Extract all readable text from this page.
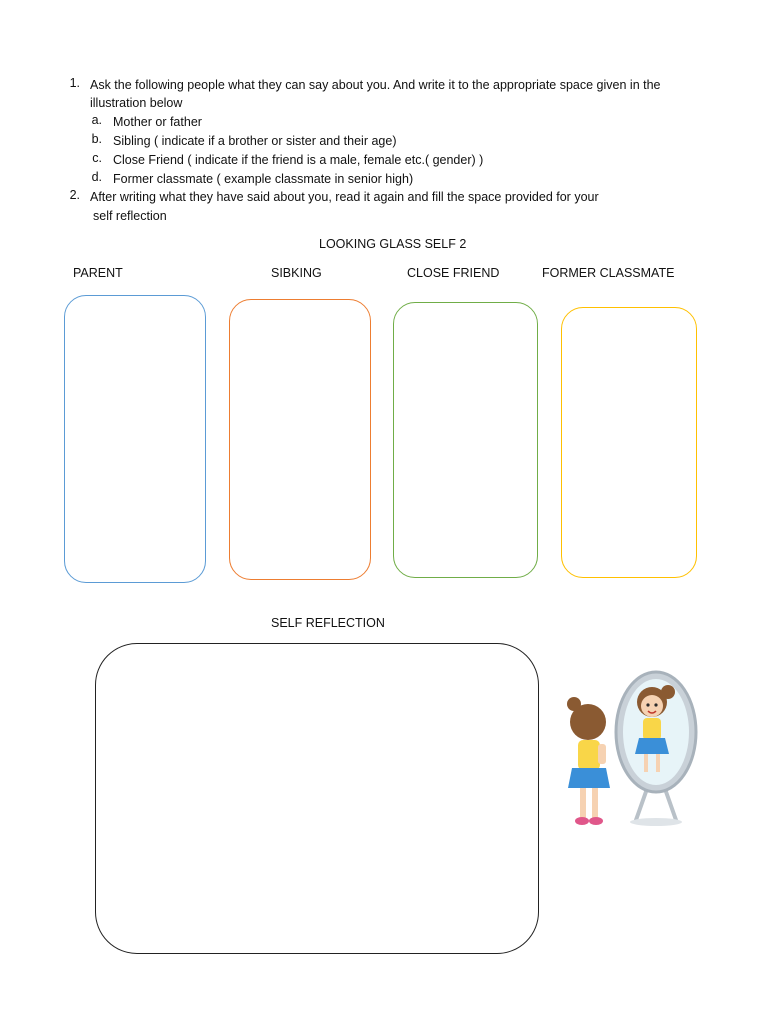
1. Ask the following people what they can say about you. And write it to the appropriate space given in the
illustration below
a. Mother or father
b. Sibling ( indicate if a brother or sister and their age)
c. Close Friend ( indicate if the friend is a male, female etc.( gender) )
d. Former classmate ( example classmate in senior high)
2. After writing what they have said about you, read it again and fill the space provided for your
self reflection
LOOKING GLASS SELF 2
PARENT	SIBKING	CLOSE FRIEND	FORMER CLASSMATE
SELF REFLECTION
